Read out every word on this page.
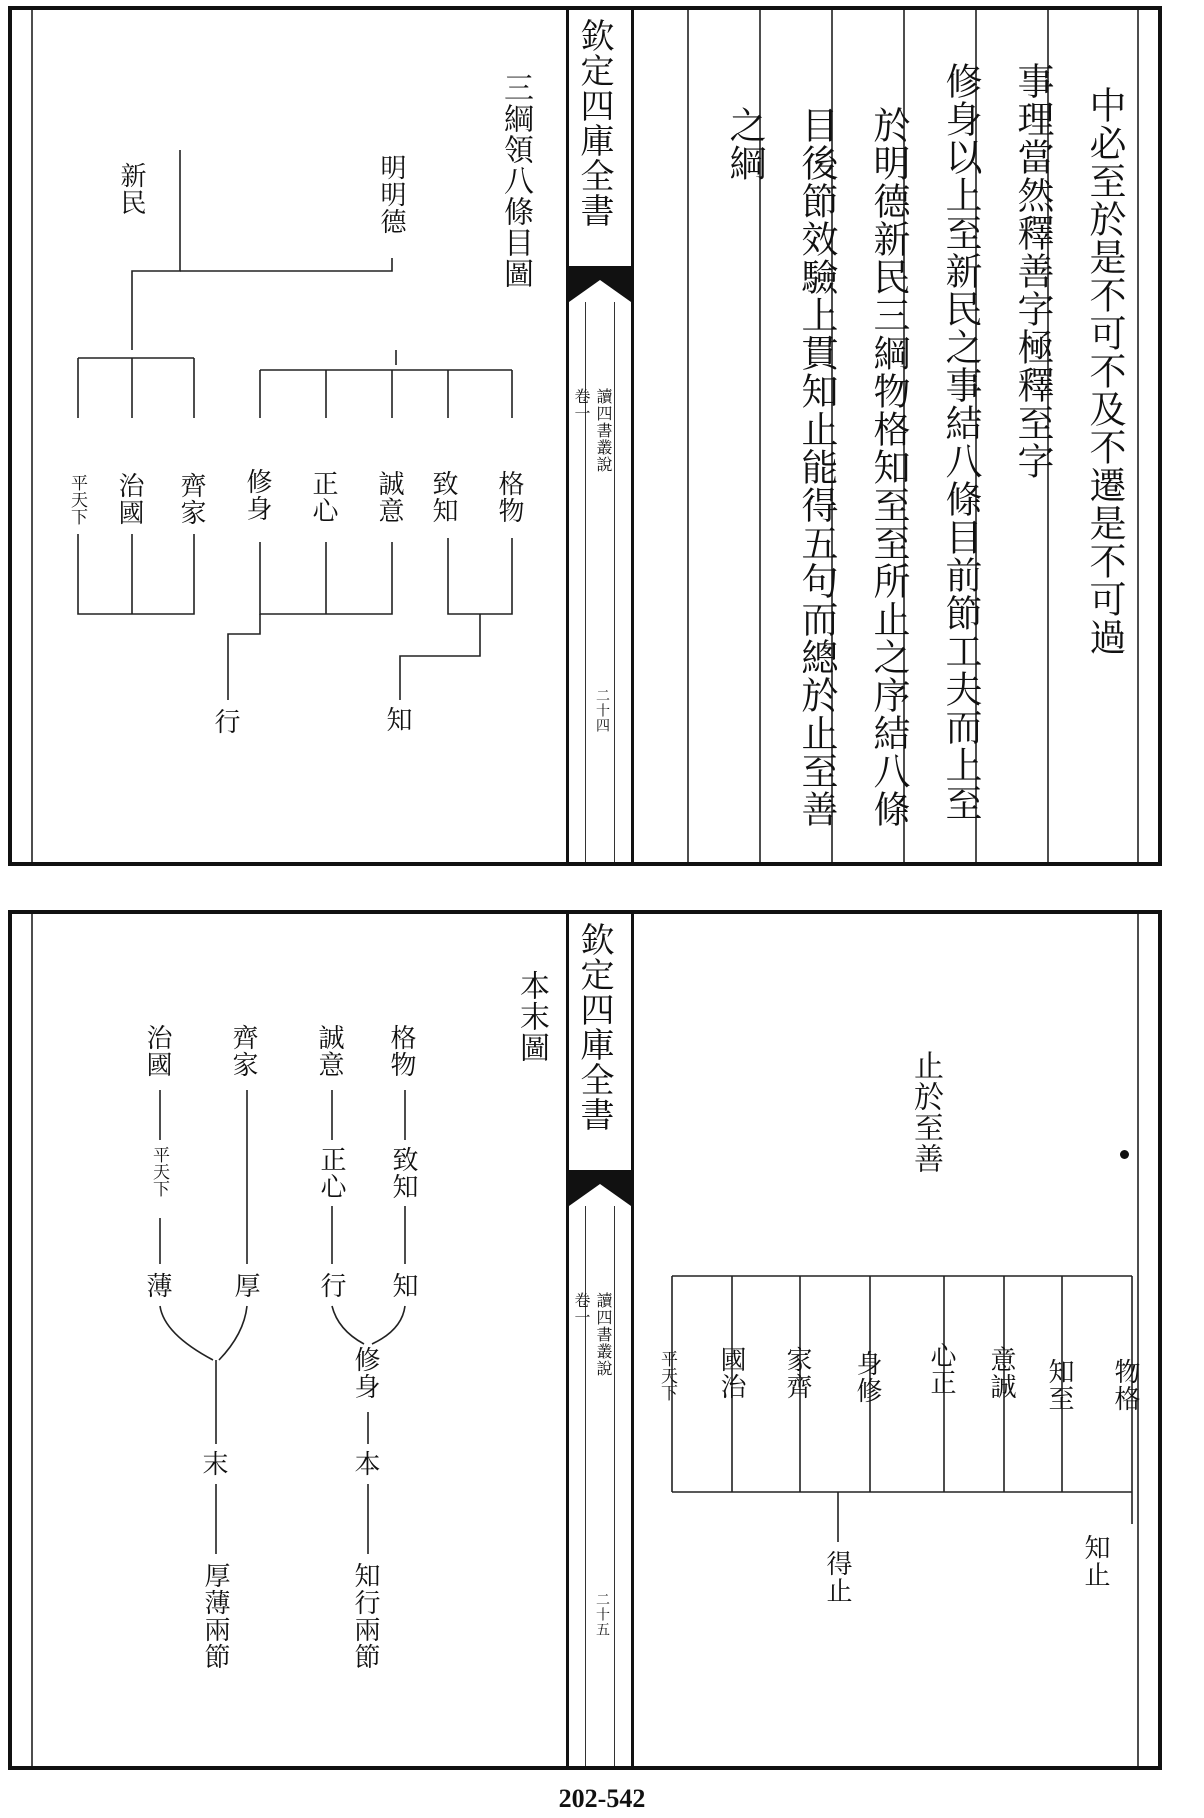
欽定四庫全書
讀四書叢說
卷一
二十四
中必至於是不可不及不遷是不可過
事理當然釋善字極釋至字
修身以上至新民之事結八條目前節工夫而上至
於明德新民三綱物格知至至所止之序結八條
目後節效驗上貫知止能得五句而總於止至善
之綱
三綱領八條目圖
明明德
新民
格物
致知
誠意
正心
修身
齊家
治國
平天下
知
行
欽定四庫全書
讀四書叢說
卷一
二十五
本末圖
格物
致知
知
誠意
正心
行
修身
本
知行兩節
齊家
厚
治國
平天下
薄
末
厚薄兩節
止於至善
物格
知至
意誠
心正
身修
家齊
國治
平天下
知止
得止
202-542
